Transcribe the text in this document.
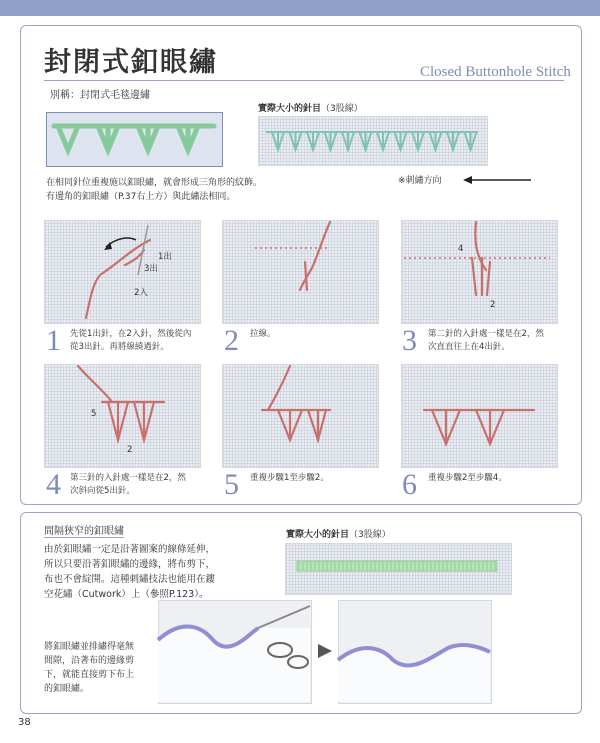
封閉式釦眼繡	Closed Buttonhole Stitch
別稱：封閉式毛毯邊繡
實際大小的針目（3股線）
在相同針位重複施以釦眼繡，就會形成三角形的紋飾。
有邊角的釦眼繡（P.37右上方）與此繡法相同。
※刺繡方向
1出
3出
2入
4
2
5
2
1 先從1出針，在2入針，然後從內
從3出針。再將線繞過針。	2 拉線。	3 第二針的入針處一樣是在2，然
次直直往上在4出針。
4 第三針的入針處一樣是在2，然
次斜向從5出針。	5 重複步驟1至步驟2。 6 重複步驟2至步驟4。
間隔狹窄的釦眼繡
由於釦眼繡一定是沿著圖案的線條延伸，
所以只要沿著釦眼繡的邊緣，將布剪下，
布也不會綻開。這種刺繡技法也能用在鏤
空花繡（Cutwork）上（參照P.123）。
實際大小的針目（3股線）
將釦眼繡並排繡得毫無
間隙，沿著布的邊緣剪
下，就能直接剪下布上
的釦眼繡。
38
